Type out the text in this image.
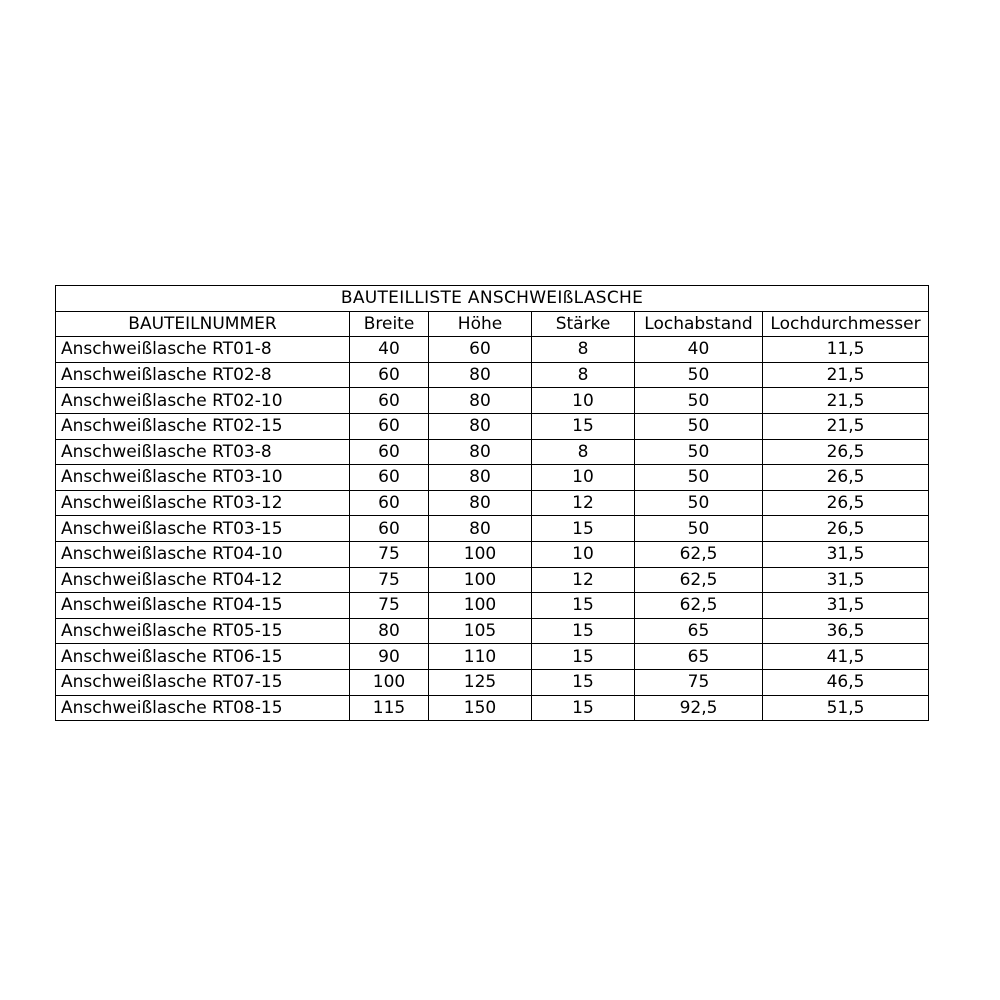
BAUTEILLISTE ANSCHWEIßLASCHE					
BAUTEILNUMMER	Breite	Höhe	Stärke	Lochabstand	Lochdurchmesser
Anschweißlasche RT01-8	40	60	8	40	11,5
Anschweißlasche RT02-8	60	80	8	50	21,5
Anschweißlasche RT02-10	60	80	10	50	21,5
Anschweißlasche RT02-15	60	80	15	50	21,5
Anschweißlasche RT03-8	60	80	8	50	26,5
Anschweißlasche RT03-10	60	80	10	50	26,5
Anschweißlasche RT03-12	60	80	12	50	26,5
Anschweißlasche RT03-15	60	80	15	50	26,5
Anschweißlasche RT04-10	75	100	10	62,5	31,5
Anschweißlasche RT04-12	75	100	12	62,5	31,5
Anschweißlasche RT04-15	75	100	15	62,5	31,5
Anschweißlasche RT05-15	80	105	15	65	36,5
Anschweißlasche RT06-15	90	110	15	65	41,5
Anschweißlasche RT07-15	100	125	15	75	46,5
Anschweißlasche RT08-15	115	150	15	92,5	51,5
